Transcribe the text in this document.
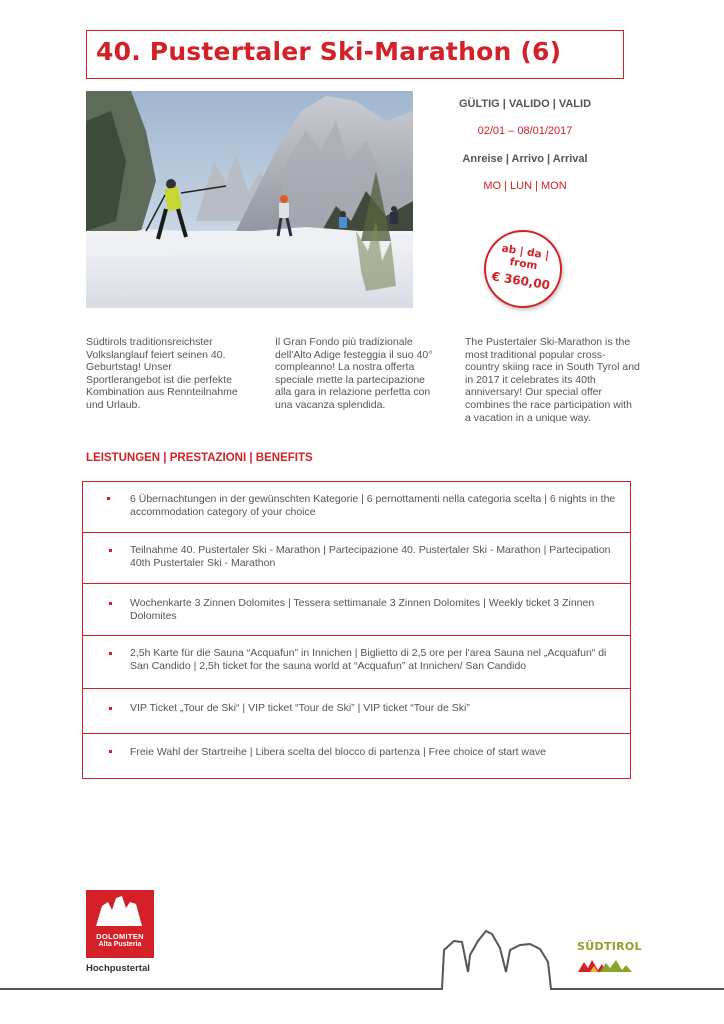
40. Pustertaler Ski-Marathon (6)
GÜLTIG | VALIDO | VALID
02/01 – 08/01/2017
Anreise | Arrivo | Arrival
MO | LUN | MON
ab | da | from
€ 360,00
Südtirols traditionsreichster Volkslanglauf feiert seinen 40. Geburtstag! Unser Sportlerangebot ist die perfekte Kombination aus Rennteilnahme und Urlaub.
Il Gran Fondo più tradizionale dell'Alto Adige festeggia il suo 40° compleanno! La nostra offerta speciale mette la partecipazione alla gara in relazione perfetta con una vacanza splendida.
The Pustertaler Ski-Marathon is the most traditional popular cross-country skiing race in South Tyrol and in 2017 it celebrates its 40th anniversary! Our special offer combines the race participation with a vacation in a unique way.
LEISTUNGEN | PRESTAZIONI | BENEFITS
6 Übernachtungen in der gewünschten Kategorie | 6 pernottamenti nella categoria scelta | 6 nights in the accommodation category of your choice
Teilnahme 40. Pustertaler Ski - Marathon | Partecipazione 40. Pustertaler Ski - Marathon | Partecipation 40th Pustertaler Ski - Marathon
Wochenkarte 3 Zinnen Dolomites | Tessera settimanale 3 Zinnen Dolomites | Weekly ticket 3 Zinnen Dolomites
2,5h Karte für die Sauna “Acquafun” in Innichen | Biglietto di 2,5 ore per l'area Sauna nel „Acquafun“ di San Candido | 2,5h ticket for the sauna world at “Acquafun” at Innichen/ San Candido
VIP Ticket „Tour de Ski“ | VIP ticket “Tour de Ski” | VIP ticket “Tour de Ski”
Freie Wahl der Startreihe | Libera scelta del blocco di partenza | Free choice of start wave
DOLOMITEN
Alta Pusteria
Hochpustertal
SÜDTIROL
